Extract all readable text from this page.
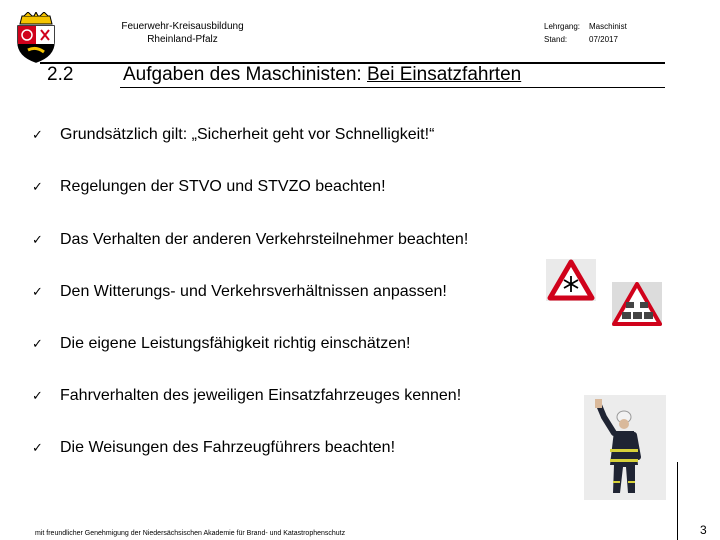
Feuerwehr-Kreisausbildung
Rheinland-Pfalz
Lehrgang:	Maschinist
Stand:	07/2017
2.2	Aufgaben des Maschinisten: Bei Einsatzfahrten
✓	Grundsätzlich gilt: „Sicherheit geht vor Schnelligkeit!“
✓	Regelungen der STVO und STVZO beachten!
✓	Das Verhalten der anderen Verkehrsteilnehmer beachten!
✓	Den Witterungs- und Verkehrsverhältnissen anpassen!
✓	Die eigene Leistungsfähigkeit richtig einschätzen!
✓	Fahrverhalten des jeweiligen Einsatzfahrzeuges kennen!
✓	Die Weisungen des Fahrzeugführers beachten!
mit freundlicher Genehmigung der Niedersächsischen Akademie für Brand- und Katastrophenschutz	3
